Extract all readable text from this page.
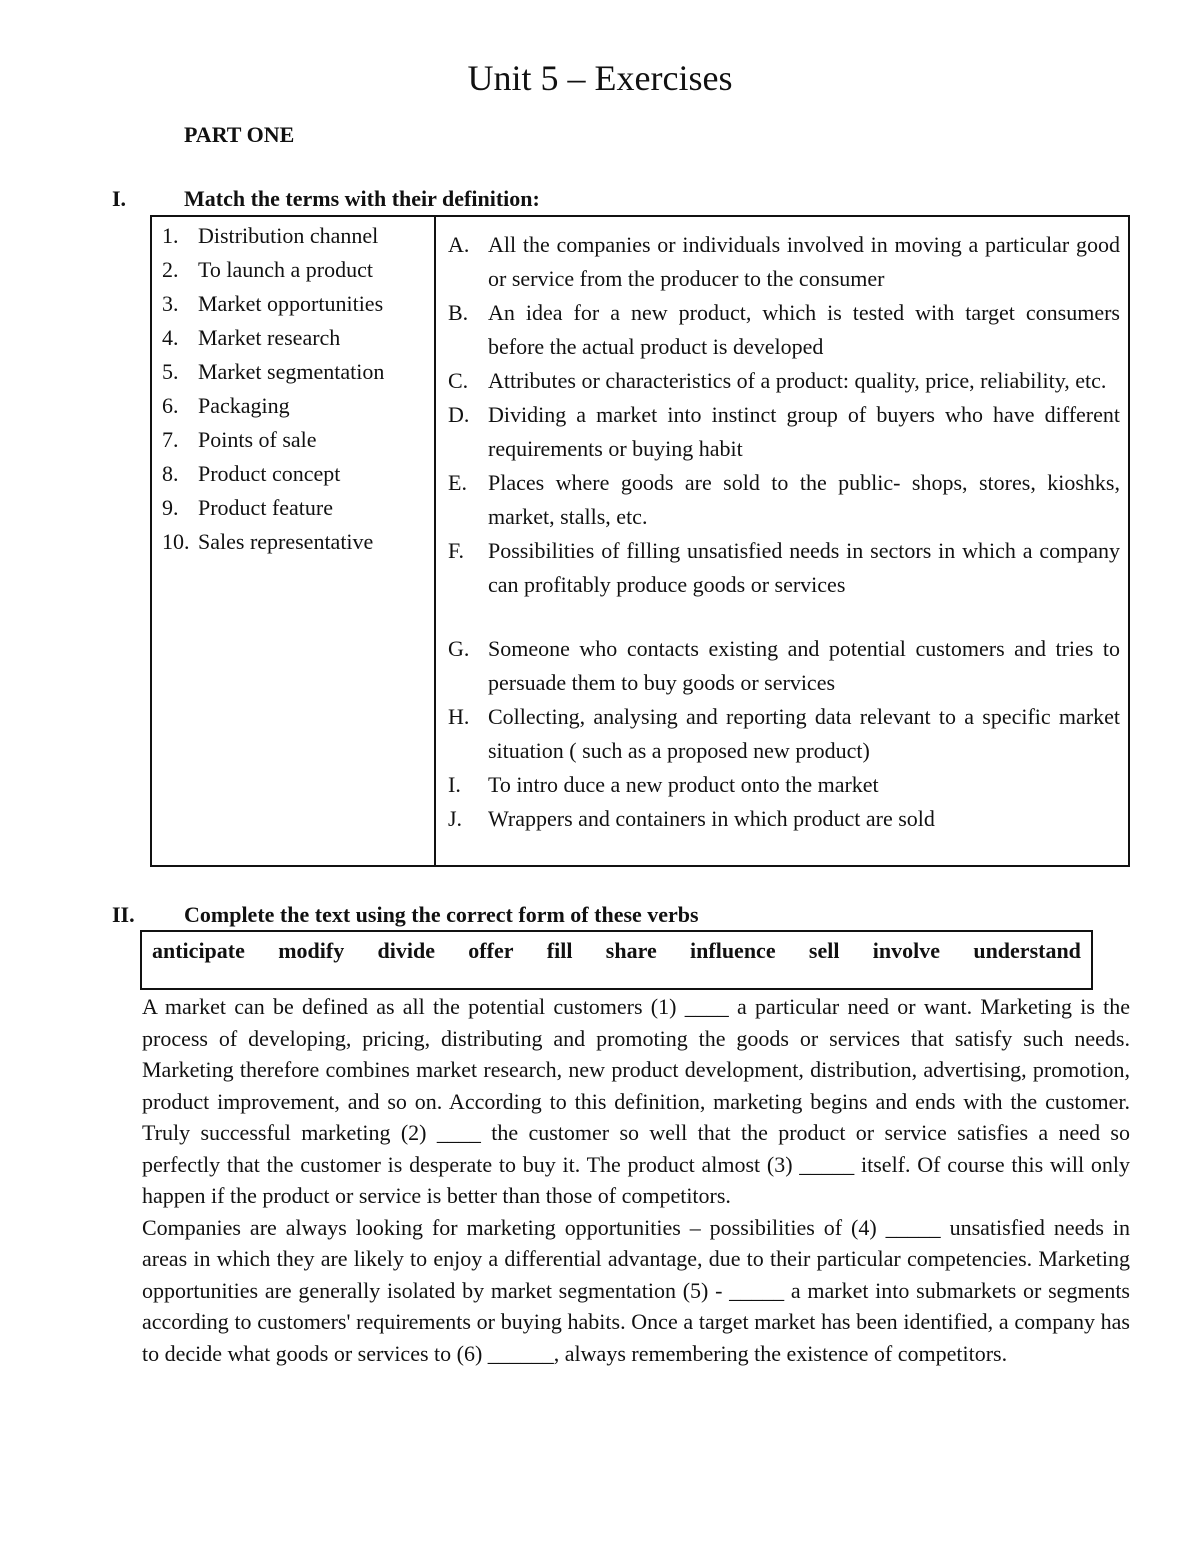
Unit 5 – Exercises
PART ONE
I.	Match the terms with their definition:
1. Distribution channel
2. To launch a product
3. Market opportunities
4. Market research
5. Market segmentation
6. Packaging
7. Points of sale
8. Product concept
9. Product feature
10. Sales representative
A. All the companies or individuals involved in moving a particular good or service from the producer to the consumer
B. An idea for a new product, which is tested with target consumers before the actual product is developed
C. Attributes or characteristics of a product: quality, price, reliability, etc.
D. Dividing a market into instinct group of buyers who have different requirements or buying habit
E. Places where goods are sold to the public- shops, stores, kioshks, market, stalls, etc.
F. Possibilities of filling unsatisfied needs in sectors in which a company can profitably produce goods or services
G. Someone who contacts existing and potential customers and tries to persuade them to buy goods or services
H. Collecting, analysing and reporting data relevant to a specific market situation ( such as a proposed new product)
I. To intro duce a new product onto the market
J. Wrappers and containers in which product are sold
II. Complete the text using the correct form of these verbs
anticipate modify divide offer fill share influence sell involve understand

A market can be defined as all the potential customers (1) ____ a particular need or want. Marketing is the process of developing, pricing, distributing and promoting the goods or services that satisfy such needs. Marketing therefore combines market research, new product development, distribution, advertising, promotion, product improvement, and so on. According to this definition, marketing begins and ends with the customer. Truly successful marketing (2) ____ the customer so well that the product or service satisfies a need so perfectly that the customer is desperate to buy it. The product almost (3) _____ itself. Of course this will only happen if the product or service is better than those of competitors.

Companies are always looking for marketing opportunities – possibilities of (4) _____ unsatisfied needs in areas in which they are likely to enjoy a differential advantage, due to their particular competencies. Marketing opportunities are generally isolated by market segmentation (5) - _____ a market into submarkets or segments according to customers' requirements or buying habits. Once a target market has been identified, a company has to decide what goods or services to (6) ______, always remembering the existence of competitors.
